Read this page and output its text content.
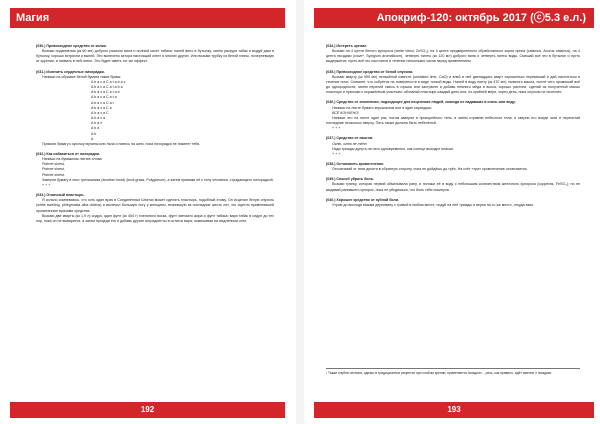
Магия

(030.) Превосходное средство от колик.

Возьми подземелия (кк 60 мл) доброго ржаного вина и полный кисет табака; налей вино в бутылку, затем раскури табак и выдуй дым в бутылку, хорошо встряхни и выпей. Это выпечено затора настоящий кнехт и многих других. Или возьми трубку из белой глины, почерневшую от курения, и назвать в ней пятно. Это будет иметь тот же эффект.

(031.) Излечить сердечные лихорадки.

Напиши на обрывке белой бумаги такие буквы:

A b a x a C a t a b a x
A b a x a C a t a b a
A b a x a C a t a b
A b a x a C a t a
A b a x a C a t
A b a x a C a
A b a x a C
A b a x a
A b a x
A b a
A b
A

Приколи бумагу к кусочку мулины или льна и повесь на шею, пока лихорадка не покинет тебя.

(032.) Как избавиться от лихорадки.

Напиши на бумажном листке слова:

Potmet sinest,
Potmet sinest,
Potmet sinest.

Заверни бумагу в лист гречишника (knoeten kruid) (knot-grass, Polygonum), а затем привяжи её к телу человека, страдающего лихорадкой.

+ + +

(033.) Отличный пластырь.

Я сильно сомневаюсь, что хоть один врач в Соединённых Штатах может сделать пластырь, подобный этому. Он исцелил белую опухоль (white swelling, phlegmasia alba dolens) и вылечил большую ногу у женщины, возникшую за последние шесть лет, что тщетно применявшей пропитанные врачами средства.

Возьми две кварты (кк 1,9 л) сидра, один фунт (кк 454 г) пчелиного воска, фунт овечьего жира и фунт табака; вари табак в сидре до тех пор, пока он не выварится, а затем процеди его и добавь другие ингредиенты в остаток вара; помешивая на медленном огне.

192
Апокриф-120: октябрь 2017 (ⓒ5.3 е.л.)

(034.) Истереть зрение.

Возьми на 4 цента белого купороса (white vitriol, ZnSO₄), на 4 цента предварительно обработанного корня ириса (calamus, Acorus calamus), на 4 цента гвоздики (clove¹, Syzigium aromaticum), четверть пинты (кк 120 мл) доброго вина и четверть пинты воды. Смешай всё это в бутылке и пусть выдержится; пусть всё это настоится и течение нескольких часов перед применением.

(035.) Превосходное средство от белой опухоли.

Возьми кварту (кк 950 мл) негашёной извести (unslaked lime, CaO) и влей в неё двенадцать кварт хорошенько перемешай и дай настояться в течение ночи. Снимите, что собрётся на поверхности в виде тонкой воды. Налей в воду пинту (кк 470 мл) льняного масла, после чего промешай всё до однородности; затем перелей смесь в горшок или кастрюлю и добавь немного мёда и воска; хорошо растопи, сделай из полученной массы пластырь и приложи к поражённым участкам; обновляй пластырь каждый день или, по крайней мере, через день, пока опухоль не исчезнет.

(036.) Средство от эпилепсии, подходящее для исцеления людей, никогда не падавших в огонь или воду.

Напиши на листе бумаги зеркальном или в один карандаш:

ВСЁ КОНЧЕНО!

Напиши это на листе один раз, потом заверни в прокорейного тень, а затем отравлю небесного тела; и сверни его вокруг шеи и перечитай последние несколько сверху. Пять также должна быть небелёной.

+ + +

(037.) Средство от ожогов.

Огню, огню не тёпл

Надо трижды дунуть на него одновременно, как солнце выходит плакан.

+ + +

(038.) Остановить кровотечение.

Отсчитывай от пяти десяти в обратную сторону, пока не дойдёшь до трёх. На счёт «три» кровотечение остановится.

(039.) Способ убрать боль.

Возьми тряпку, которая первой обматывала рану, и положи её в воду с небольшим количеством железного купороса (copperas, FeSO₄); но не выдавай ранившего купорос, пока не убедишься, что боль тебя покинула.

(040.) Хорошее средство от зубной боли.

Утром до восхода выжми дерновину с травой в любом месте, подуй на неё трижды и верни на то же место, откуда взял.

¹ Также клубни чеснока; однако в традиционных рецептах при слабом зрении; применяется гвоздичн… речь, как правило, идёт именно о гвоздике.
193
